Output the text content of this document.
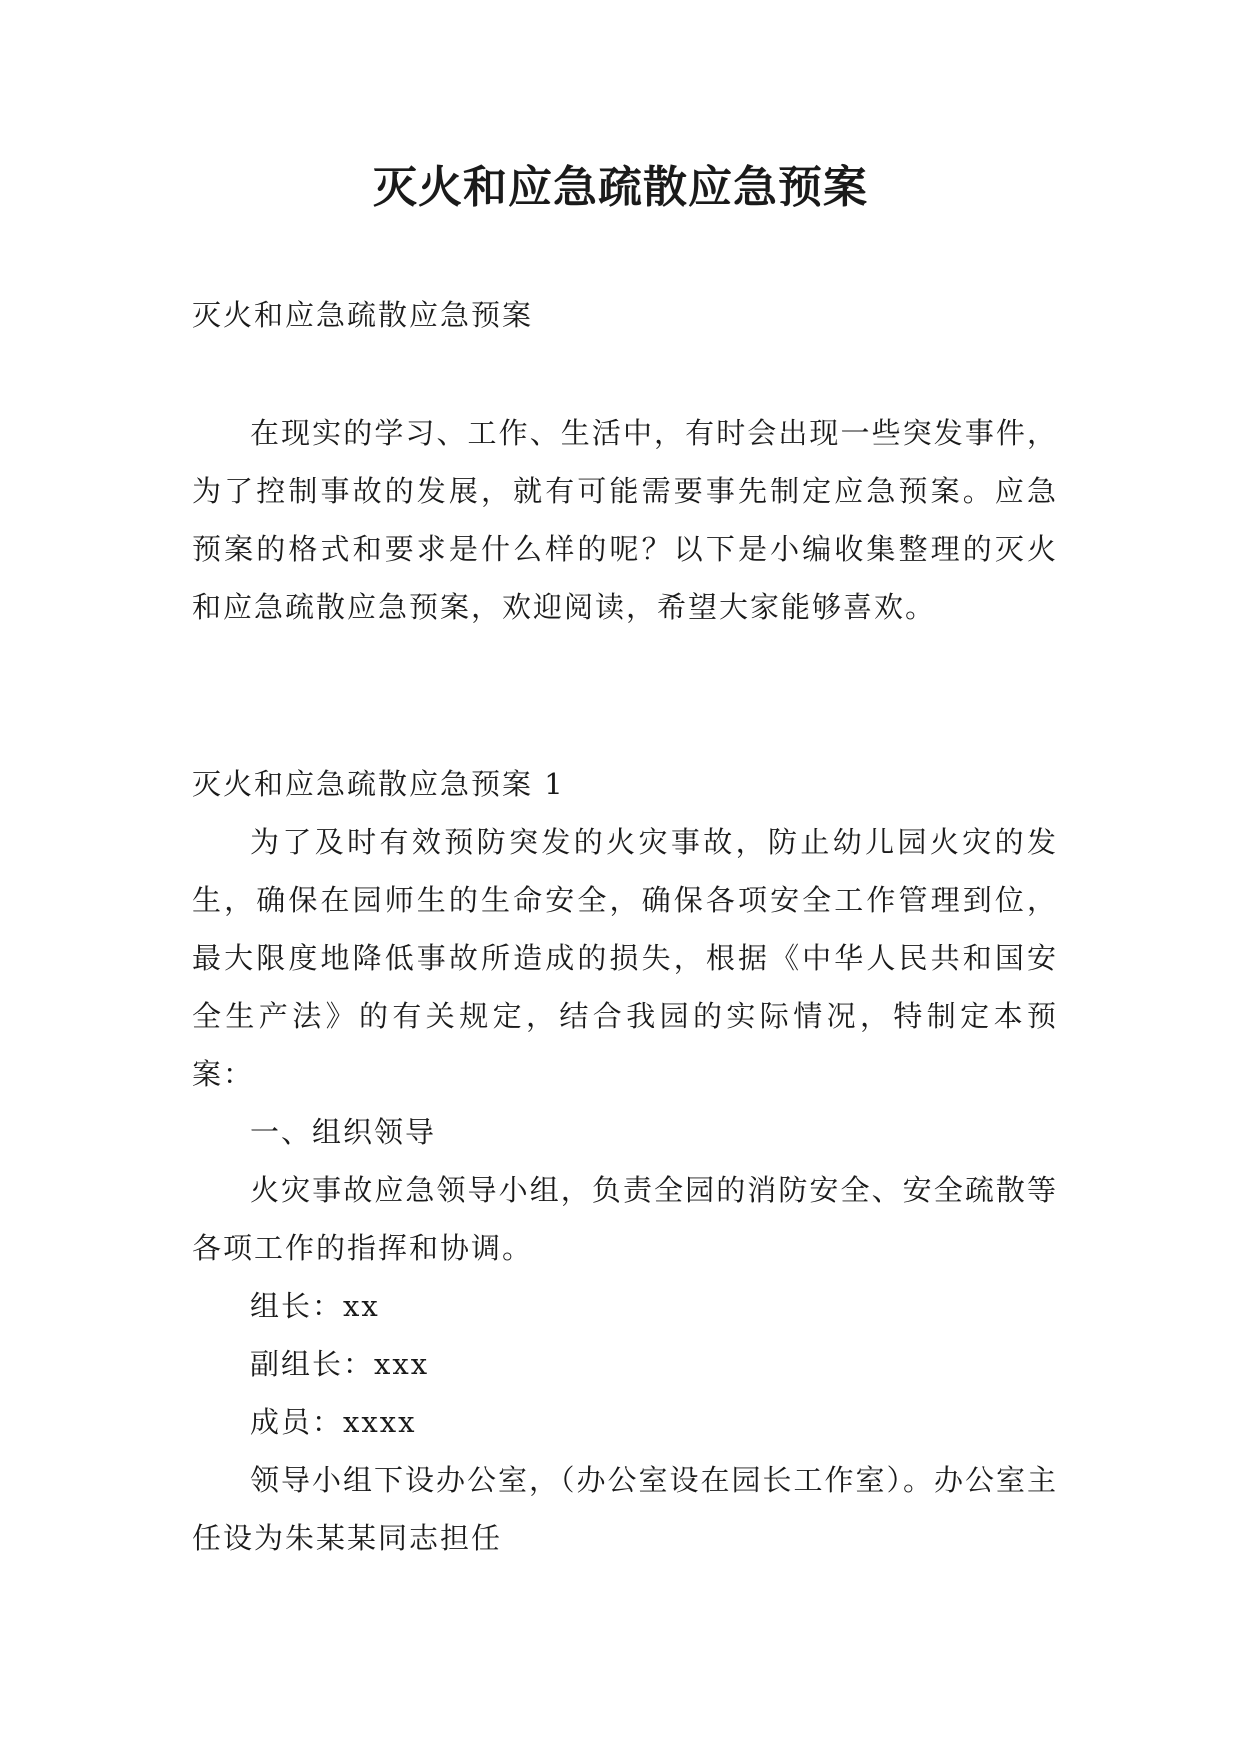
灭火和应急疏散应急预案

灭火和应急疏散应急预案

在现实的学习、工作、生活中，有时会出现一些突发事件，为了控制事故的发展，就有可能需要事先制定应急预案。应急预案的格式和要求是什么样的呢？以下是小编收集整理的灭火和应急疏散应急预案，欢迎阅读，希望大家能够喜欢。

灭火和应急疏散应急预案 1

为了及时有效预防突发的火灾事故，防止幼儿园火灾的发生，确保在园师生的生命安全，确保各项安全工作管理到位，最大限度地降低事故所造成的损失，根据《中华人民共和国安全生产法》的有关规定，结合我园的实际情况，特制定本预案：

一、组织领导

火灾事故应急领导小组，负责全园的消防安全、安全疏散等各项工作的指挥和协调。

组长：xx

副组长：xxx

成员：xxxx

领导小组下设办公室，（办公室设在园长工作室）。办公室主任设为朱某某同志担任
